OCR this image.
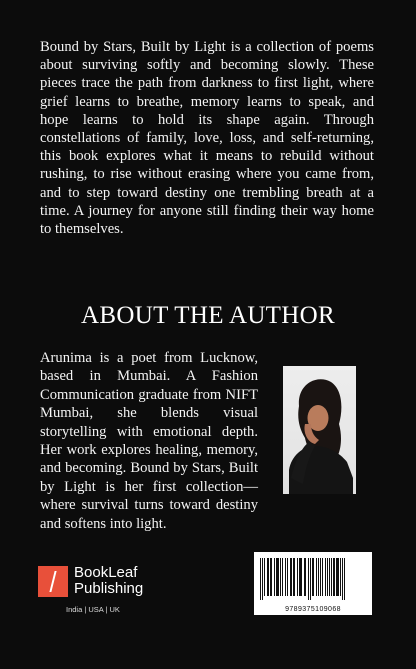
Bound by Stars, Built by Light is a collection of poems about surviving softly and becoming slowly. These pieces trace the path from darkness to first light, where grief learns to breathe, memory learns to speak, and hope learns to hold its shape again. Through constellations of family, love, loss, and self-returning, this book explores what it means to rebuild without rushing, to rise without erasing where you came from, and to step toward destiny one trembling breath at a time. A journey for anyone still finding their way home to themselves.

ABOUT THE AUTHOR

Arunima is a poet from Lucknow, based in Mumbai. A Fashion Communication graduate from NIFT Mumbai, she blends visual storytelling with emotional depth. Her work explores healing, memory, and becoming. Bound by Stars, Built by Light is her first collection—where survival turns toward destiny and softens into light.

BookLeaf
Publishing
India | USA | UK	9789375109068
